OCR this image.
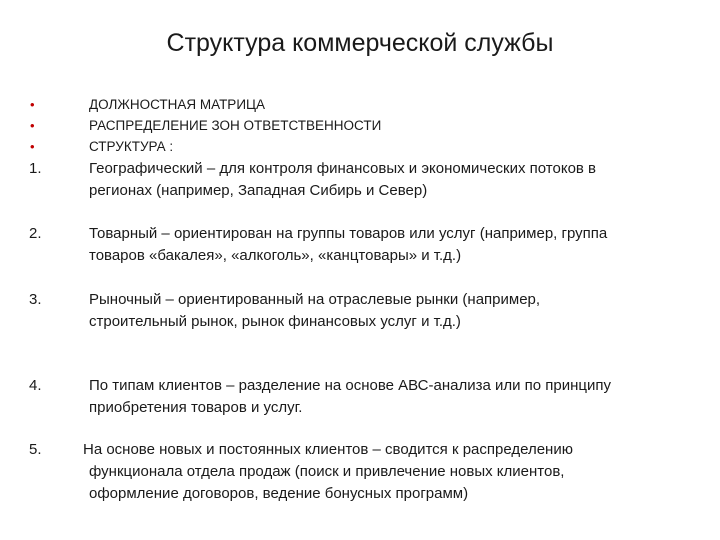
Структура коммерческой службы
•	ДОЛЖНОСТНАЯ МАТРИЦА
•	РАСПРЕДЕЛЕНИЕ ЗОН ОТВЕТСТВЕННОСТИ
•	СТРУКТУРА :
1.	Географический – для контроля финансовых и экономических потоков в
регионах (например, Западная Сибирь и Север)
2.	Товарный – ориентирован на группы товаров или услуг (например, группа
товаров «бакалея», «алкоголь», «канцтовары» и т.д.)
3.	Рыночный – ориентированный на отраслевые рынки (например,
строительный рынок, рынок финансовых услуг и т.д.)
4.	По типам клиентов – разделение на основе АВС-анализа или по принципу
приобретения товаров и услуг.
5.	На основе новых и постоянных клиентов – сводится к распределению
функционала отдела продаж (поиск и привлечение новых клиентов,
оформление договоров, ведение бонусных программ)
